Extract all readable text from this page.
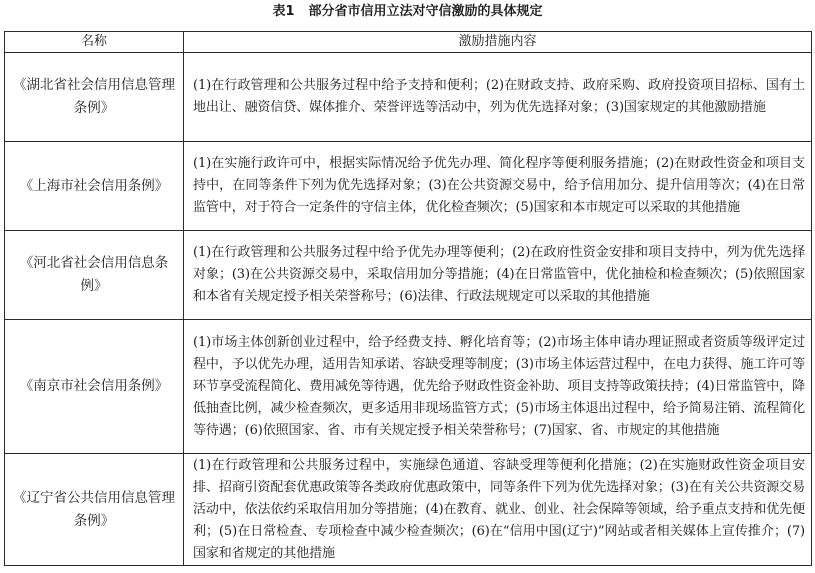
表1 部分省市信用立法对守信激励的具体规定
名称	激励措施内容
《湖北省社会信用信息管理条例》	(1)在行政管理和公共服务过程中给予支持和便利；(2)在财政支持、政府采购、政府投资项目招标、国有土地出让、融资信贷、媒体推介、荣誉评选等活动中，列为优先选择对象；(3)国家规定的其他激励措施
《上海市社会信用条例》	(1)在实施行政许可中，根据实际情况给予优先办理、简化程序等便利服务措施；(2)在财政性资金和项目支持中，在同等条件下列为优先选择对象；(3)在公共资源交易中，给予信用加分、提升信用等次；(4)在日常监管中，对于符合一定条件的守信主体，优化检查频次；(5)国家和本市规定可以采取的其他措施
《河北省社会信用信息条例》	(1)在行政管理和公共服务过程中给予优先办理等便利；(2)在政府性资金安排和项目支持中，列为优先选择对象；(3)在公共资源交易中，采取信用加分等措施；(4)在日常监管中，优化抽检和检查频次；(5)依照国家和本省有关规定授予相关荣誉称号；(6)法律、行政法规规定可以采取的其他措施
《南京市社会信用条例》	(1)市场主体创新创业过程中，给予经费支持、孵化培育等；(2)市场主体申请办理证照或者资质等级评定过程中，予以优先办理，适用告知承诺、容缺受理等制度；(3)市场主体运营过程中，在电力获得、施工许可等环节享受流程简化、费用减免等待遇，优先给予财政性资金补助、项目支持等政策扶持；(4)日常监管中，降低抽查比例，减少检查频次，更多适用非现场监管方式；(5)市场主体退出过程中，给予简易注销、流程简化等待遇；(6)依照国家、省、市有关规定授予相关荣誉称号；(7)国家、省、市规定的其他措施
《辽宁省公共信用信息管理条例》	(1)在行政管理和公共服务过程中，实施绿色通道、容缺受理等便利化措施；(2)在实施财政性资金项目安排、招商引资配套优惠政策等各类政府优惠政策中，同等条件下列为优先选择对象；(3)在有关公共资源交易活动中，依法依约采取信用加分等措施；(4)在教育、就业、创业、社会保障等领域，给予重点支持和优先便利；(5)在日常检查、专项检查中减少检查频次；(6)在“信用中国(辽宁)”网站或者相关媒体上宣传推介；(7)国家和省规定的其他措施
